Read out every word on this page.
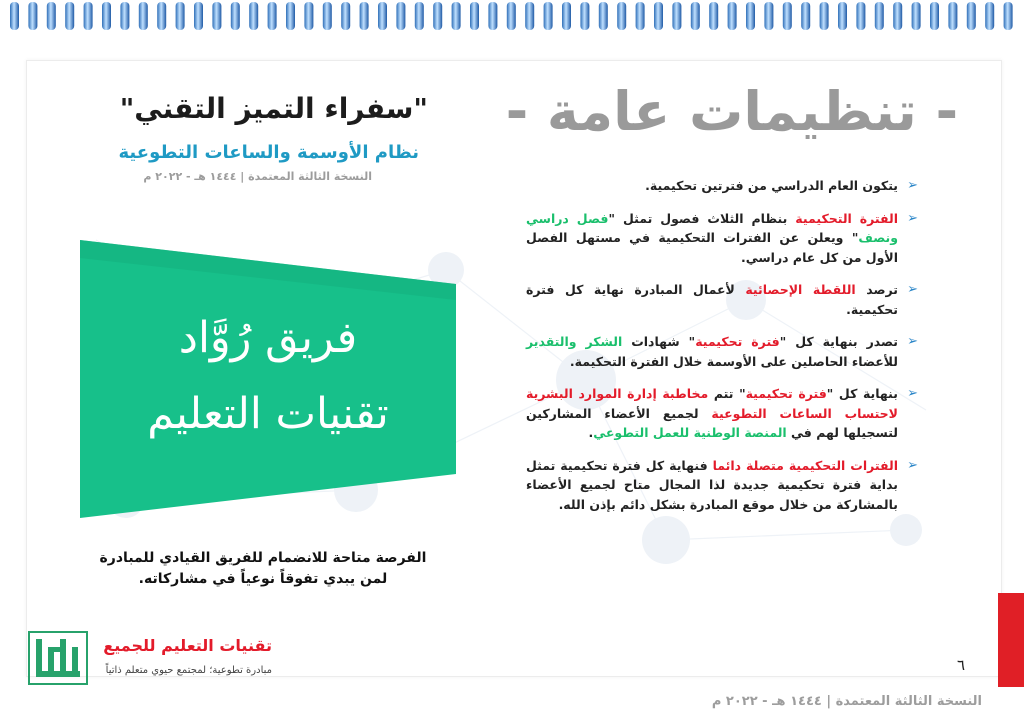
- تنظيمات عامة -
"سفراء التميز التقني"
نظام الأوسمة والساعات التطوعية
النسخة الثالثة المعتمدة | ١٤٤٤ هـ - ٢٠٢٢ م
➢
يتكون العام الدراسي من فترتين تحكيمية.
➢
الفترة التحكيمية بنظام الثلاث فصول تمثل "فصل دراسي ونصف" ويعلن عن الفترات التحكيمية في مستهل الفصل الأول من كل عام دراسي.
➢
ترصد اللقطة الإحصائية لأعمال المبادرة نهاية كل فترة تحكيمية.
➢
تصدر بنهاية كل "فترة تحكيمية" شهادات الشكر والتقدير للأعضاء الحاصلين على الأوسمة خلال الفترة التحكيمة.
➢
بنهاية كل "فترة تحكيمية" تتم مخاطبة إدارة الموارد البشرية لاحتساب الساعات التطوعية لجميع الأعضاء المشاركين لتسجيلها لهم في المنصة الوطنية للعمل التطوعي.
➢
الفترات التحكيمية متصلة دائما فنهاية كل فترة تحكيمية تمثل بداية فترة تحكيمية جديدة لذا المجال متاح لجميع الأعضاء بالمشاركة من خلال موقع المبادرة بشكل دائم بإذن الله.
فريق رُوَّاد
تقنيات التعليم
الفرصة متاحة للانضمام للفريق القيادي للمبادرة
لمن يبدي تفوقاً نوعياً في مشاركاته.
تقنيات التعليم للجميع
مبادرة تطوعية؛ لمجتمع حيوي متعلم ذاتياً	٦
النسخة الثالثة المعتمدة | ١٤٤٤ هـ - ٢٠٢٢ م
